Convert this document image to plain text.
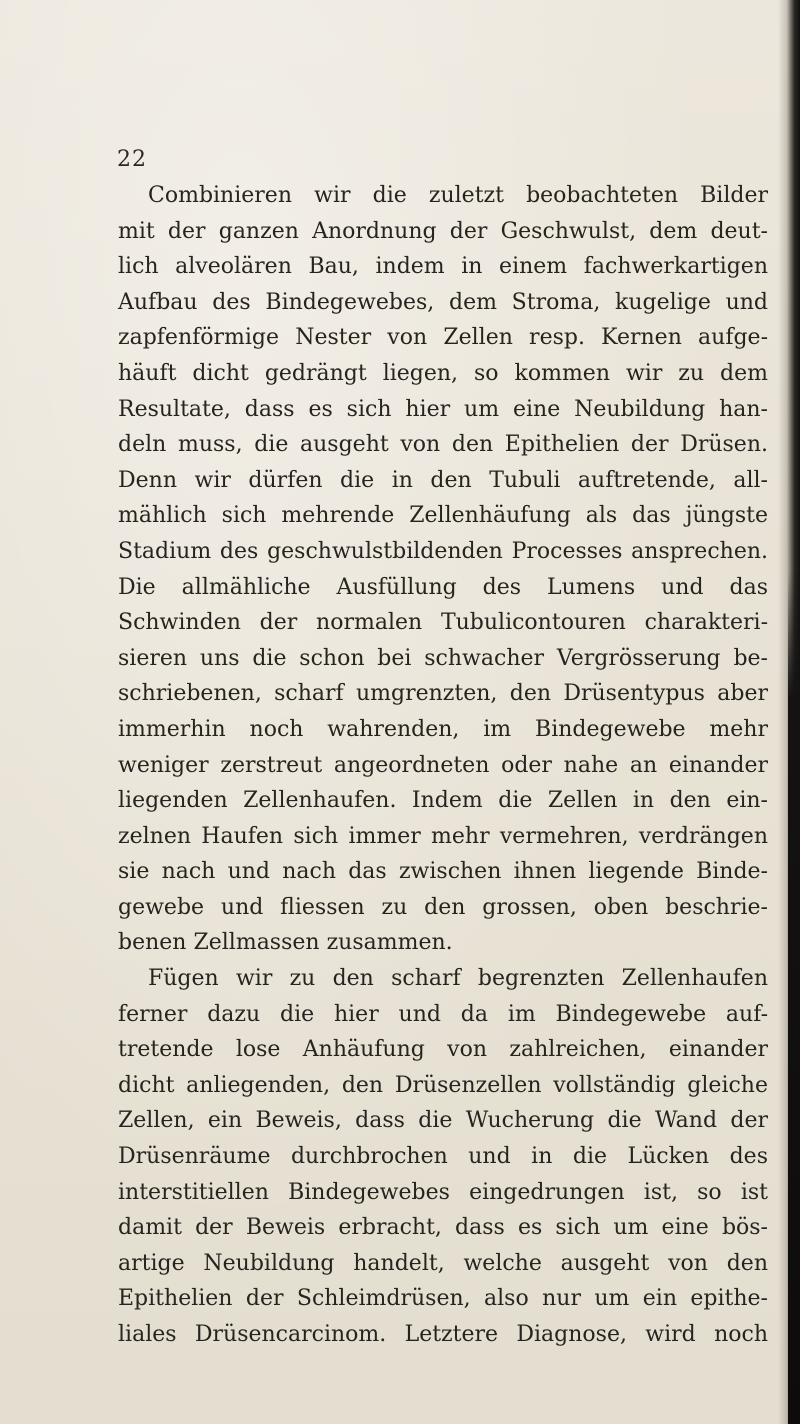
22
Combinieren wir die zuletzt beobachteten Bilder
mit der ganzen Anordnung der Geschwulst, dem deut-
lich alveolären Bau, indem in einem fachwerkartigen
Aufbau des Bindegewebes, dem Stroma, kugelige und
zapfenförmige Nester von Zellen resp. Kernen aufge-
häuft dicht gedrängt liegen, so kommen wir zu dem
Resultate, dass es sich hier um eine Neubildung han-
deln muss, die ausgeht von den Epithelien der Drüsen.
Denn wir dürfen die in den Tubuli auftretende, all-
mählich sich mehrende Zellenhäufung als das jüngste
Stadium des geschwulstbildenden Processes ansprechen.
Die allmähliche Ausfüllung des Lumens und das
Schwinden der normalen Tubulicontouren charakteri-
sieren uns die schon bei schwacher Vergrösserung be-
schriebenen, scharf umgrenzten, den Drüsentypus aber
immerhin noch wahrenden, im Bindegewebe mehr
weniger zerstreut angeordneten oder nahe an einander
liegenden Zellenhaufen. Indem die Zellen in den ein-
zelnen Haufen sich immer mehr vermehren, verdrängen
sie nach und nach das zwischen ihnen liegende Binde-
gewebe und fliessen zu den grossen, oben beschrie-
benen Zellmassen zusammen.
Fügen wir zu den scharf begrenzten Zellenhaufen
ferner dazu die hier und da im Bindegewebe auf-
tretende lose Anhäufung von zahlreichen, einander
dicht anliegenden, den Drüsenzellen vollständig gleiche
Zellen, ein Beweis, dass die Wucherung die Wand der
Drüsenräume durchbrochen und in die Lücken des
interstitiellen Bindegewebes eingedrungen ist, so ist
damit der Beweis erbracht, dass es sich um eine bös-
artige Neubildung handelt, welche ausgeht von den
Epithelien der Schleimdrüsen, also nur um ein epithe-
liales Drüsencarcinom. Letztere Diagnose, wird noch
